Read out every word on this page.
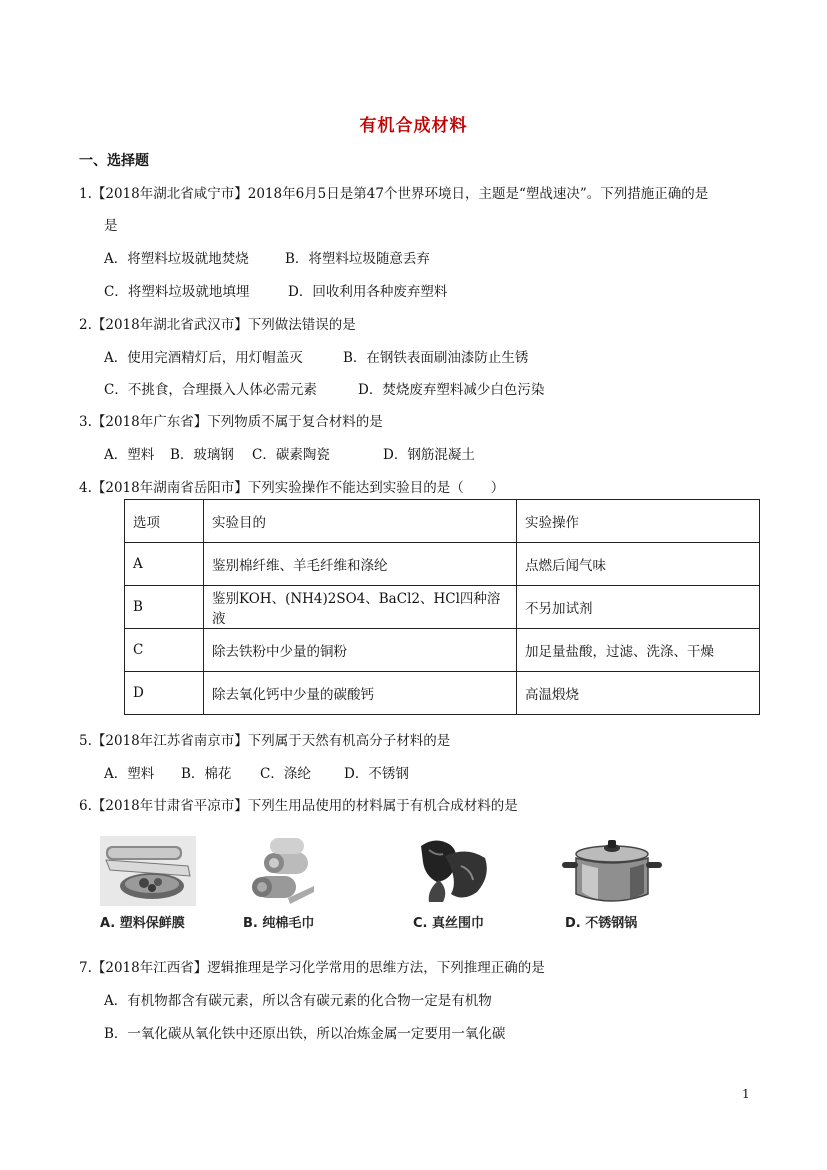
有机合成材料
一、选择题
1.【2018年湖北省咸宁市】2018年6月5日是第47个世界环境日，主题是“塑战速决”。下列措施正确的是
是
A．将塑料垃圾就地焚烧	B．将塑料垃圾随意丢弃
C．将塑料垃圾就地填埋	D．回收利用各种废弃塑料
2.【2018年湖北省武汉市】下列做法错误的是
A．使用完酒精灯后，用灯帽盖灭	B．在钢铁表面刷油漆防止生锈
C．不挑食，合理摄入人体必需元素	D．焚烧废弃塑料减少白色污染
3.【2018年广东省】下列物质不属于复合材料的是
A．塑料 B．玻璃钢 C．碳素陶瓷	D．钢筋混凝土
4.【2018年湖南省岳阳市】下列实验操作不能达到实验目的是（　　）
选项	实验目的	实验操作
A	鉴别棉纤维、羊毛纤维和涤纶	点燃后闻气味
B	鉴别KOH、(NH4)2SO4、BaCl2、HCl四种溶液	不另加试剂
C	除去铁粉中少量的铜粉	加足量盐酸，过滤、洗涤、干燥
D	除去氧化钙中少量的碳酸钙	高温煅烧
5.【2018年江苏省南京市】下列属于天然有机高分子材料的是
A．塑料 B．棉花 C．涤纶 D．不锈钢
6.【2018年甘肃省平凉市】下列生用品使用的材料属于有机合成材料的是
A. 塑料保鲜膜	B. 纯棉毛巾	C. 真丝围巾	D. 不锈钢锅
7.【2018年江西省】逻辑推理是学习化学常用的思维方法，下列推理正确的是
A．有机物都含有碳元素，所以含有碳元素的化合物一定是有机物
B．一氧化碳从氧化铁中还原出铁，所以冶炼金属一定要用一氧化碳
1
